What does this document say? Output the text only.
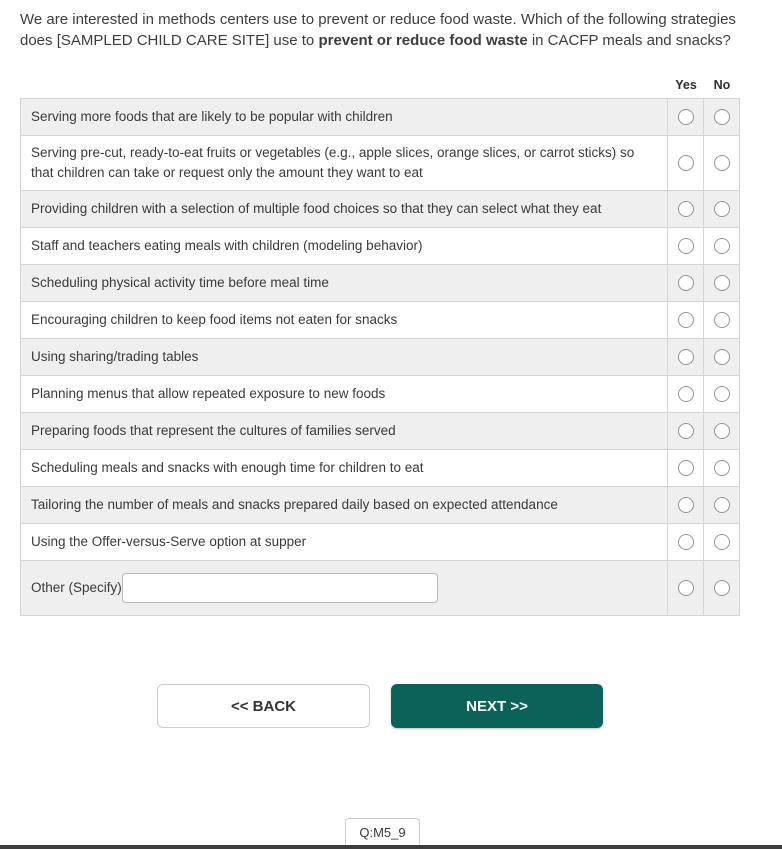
We are interested in methods centers use to prevent or reduce food waste. Which of the following strategies does [SAMPLED CHILD CARE SITE] use to prevent or reduce food waste in CACFP meals and snacks?

Yes	No
Serving more foods that are likely to be popular with children
Serving pre-cut, ready-to-eat fruits or vegetables (e.g., apple slices, orange slices, or carrot sticks) so that children can take or request only the amount they want to eat
Providing children with a selection of multiple food choices so that they can select what they eat
Staff and teachers eating meals with children (modeling behavior)
Scheduling physical activity time before meal time
Encouraging children to keep food items not eaten for snacks
Using sharing/trading tables
Planning menus that allow repeated exposure to new foods
Preparing foods that represent the cultures of families served
Scheduling meals and snacks with enough time for children to eat
Tailoring the number of meals and snacks prepared daily based on expected attendance
Using the Offer-versus-Serve option at supper
Other (Specify)
<< BACK	NEXT >>
Q:M5_9
